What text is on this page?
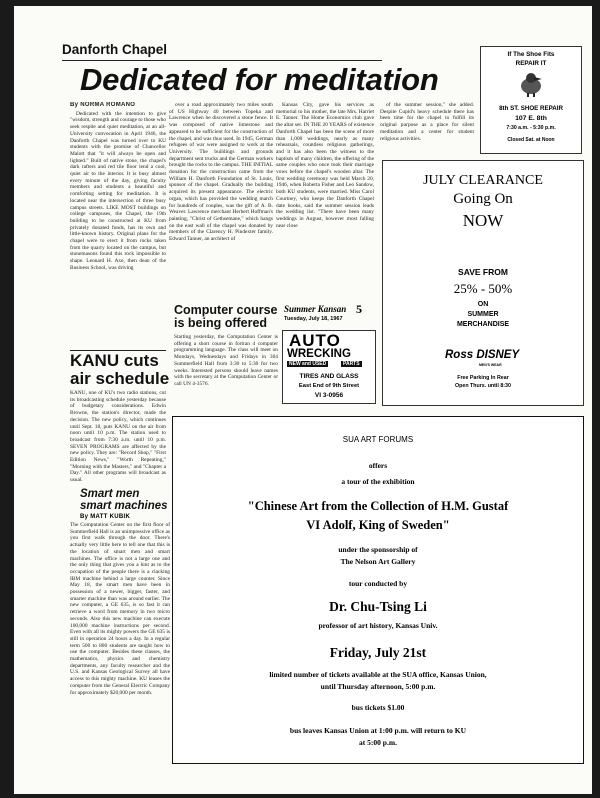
Danforth Chapel
Dedicated for meditation
By NORMA ROMANO

Dedicated with the intention to give "wisdom, strength and courage to those who seek respite and quiet meditation, at an all-University convocation in April 1946, the Danforth Chapel was turned over to KU students with the promise of Chancellor Malott that "it will always be open and lighted." Built of native stone, the chapel's dark rafters and red tile floor lend a cool, quiet air to the interior. It is busy almost every minute of the day, giving faculty members and students a beautiful and comforting setting for meditation. It is located near the intersection of three busy campus streets. LIKE MOST buildings on college campuses, the Chapel, the 19th building to be constructed at KU from privately donated funds, has its own and little-known history. Original plans for the chapel were to erect it from rocks taken from the quarry located on the campus, but stonemasons found this rock impossible to shape. Leonard H. Axe, then dean of the Business School, was driving

over a road approximately two miles south of US Highway 40 between Topeka and Lawrence when he discovered a stone fence. It was composed of native limestone and appeared to be sufficient for the construction of the chapel, and was thus used. In 1945, German refugees of war were assigned to work at the University. The buildings and grounds department sent trucks and the German workers brought the rocks to the campus. THE INITIAL donation for the construction came from the William H. Danforth Foundation of St. Louis, sponsor of the chapel. Gradually the building acquired its present appearance. The electric organ, which has provided the wedding march for hundreds of couples, was the gift of A. B. Weaver. Lawrence merchant Herbert Hoffman's painting, "Christ of Gethsemane," which hangs on the east wall of the chapel was donated by members of the Clarency H. Pindexter family. Edward Tanner, an architect of

Kansas City, gave his services as memorial to his mother, the late Mrs. Harriet E. Tanner. The Home Economics club gave the altar set. IN THE 20 YEARS of existence Danforth Chapel has been the scene of more than 1,000 weddings, nearly as many rehearsals, countless religious gatherings, and it has also been the witness to the baptism of many children, the offering of the same couples who once took their marriage vows before the chapel's wooden altar. The first wedding ceremony was held March 20, 1946, when Roberta Fisher and Leo Sandow, both KU students, were married. Miss Carol Courtney, who keeps the Danforth Chapel date books, said the summer session leads the wedding list. "There have been many weddings in August, however most falling near close

of the summer session," she added. Despite Cupid's heavy schedule there has been time for the chapel to fulfill its original purpose as a place for silent meditation and a center for student religious activities.

KANU cuts air schedule
KANU, one of KU's two radio stations, cut its broadcasting schedule yesterday because of budgetary considerations. Edwin Browne, the station's director, made the decision. The new policy, which continues until Sept. 18, puts KANU on the air from noon until 10 p.m. The station used to broadcast from 7:30 a.m. until 10 p.m. SEVEN PROGRAMS are affected by the new policy. They are: "Record Shop," "First Edition News," "Worth Repeating," "Morning with the Masters," and "Chapter a Day." All other programs will broadcast as usual.
Smart men smart machines
By MATT KUBIK
The Computation Center on the first floor of Summerfield Hall is an unimpressive office as you first walk through the door. There's actually very little here to tell one that this is the location of smart men and smart machines. The office is not a large one and the only thing that gives you a hint as to the occupation of the people there is a clacking IBM machine behind a large counter. Since May 18, the smart men have been in possession of a newer, bigger, faster, and smarter machine than was around earlier. The new computer, a GE 635, is so fast it can retrieve a word from memory in two micro seconds. Also this new machine can execute 100,000 machine instructions per second. Even with all its mighty powers the GE 635 is still in operation 24 hours a day. In a regular term 500 to 800 students are taught how to use the computer. Besides these classes, the mathematics, physics and chemistry departments, any faculty researcher and the U.S. and Kansas Geological Survey all have access to this mighty machine. KU leases the computer from the General Electric Company for approximately $20,000 per month.
Computer course is being offered
Starting yesterday, the Computation Center is offering a short course in fortran 4 computer programming language. The class will meet on Mondays, Wednesdays and Fridays in 304 Summerfield Hall from 3:30 to 5:30 for two weeks. Interested persons should leave names with the secretary at the Computation Center or call UN 4-3576.
Summer Kansan 5
Tuesday, July 18, 1967
AUTO
WRECKING
NEW and USED	PARTS
TIRES AND GLASS
East End of 9th Street
VI 3-0956
If The Shoe Fits
REPAIR IT
8th ST. SHOE REPAIR
107 E. 8th
7:30 a.m. - 5:30 p.m.
Closed Sat. at Noon
JULY CLEARANCE
Going On
NOW
SAVE FROM
25% - 50%
ON
SUMMER
MERCHANDISE
Ross DISNEY
MEN'S WEAR
Free Parking In Rear
Open Thurs. until 8:30
SUA ART FORUMS
offers
a tour of the exhibition
"Chinese Art from the Collection of H.M. Gustaf VI Adolf, King of Sweden"
under the sponsorship of
The Nelson Art Gallery
tour conducted by
Dr. Chu-Tsing Li
professor of art history, Kansas Univ.
Friday, July 21st
limited number of tickets available at the SUA office, Kansas Union, until Thursday afternoon, 5:00 p.m.
bus tickets $1.00
bus leaves Kansas Union at 1:00 p.m. will return to KU at 5:00 p.m.
